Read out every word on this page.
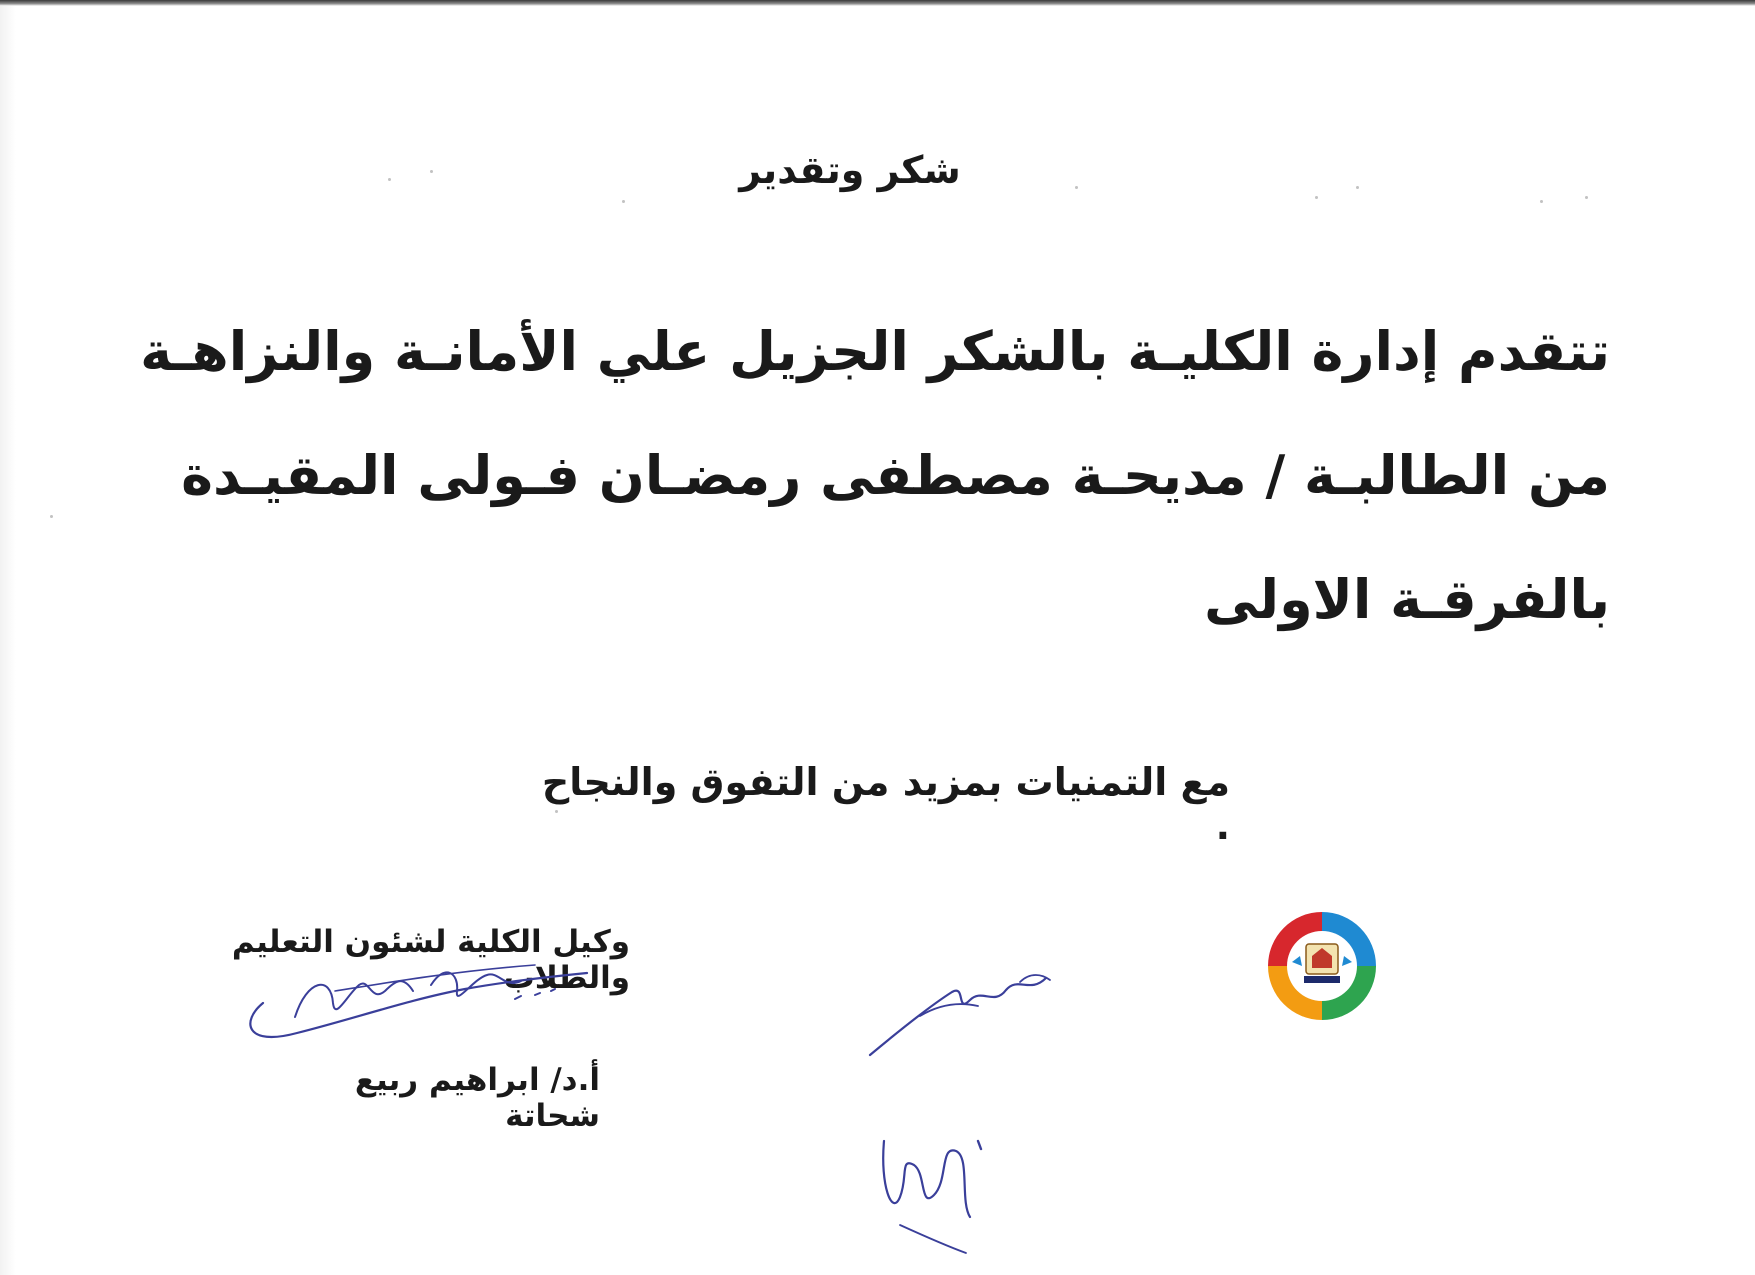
شكر وتقدير

تتقدم إدارة الكليـة بالشكر الجزيل علي الأمانـة والنزاهـة من الطالبـة / مديحـة مصطفى رمضـان فـولى المقيـدة بالفرقـة الاولى

مع التمنيات بمزيد من التفوق والنجاح .
وكيل الكلية لشئون التعليم والطلاب
أ.د/ ابراهيم ربيع شحاتة
